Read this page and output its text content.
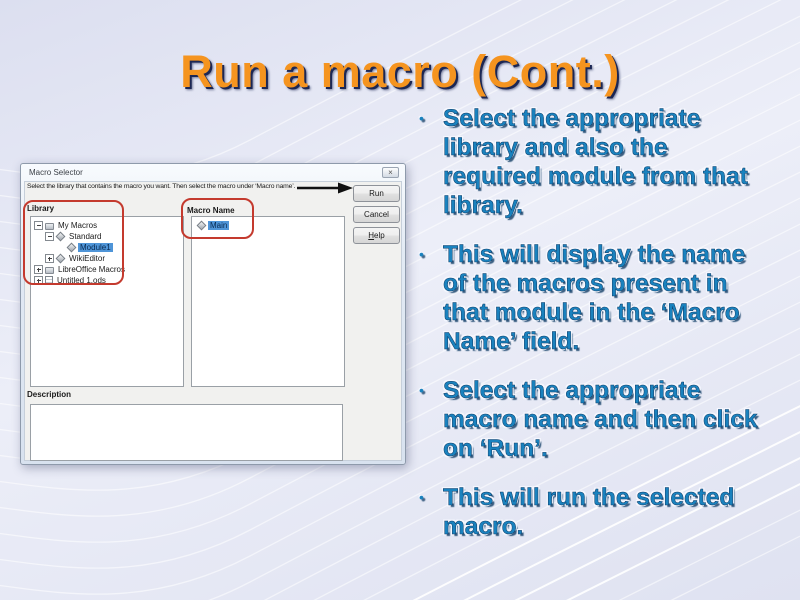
Run a macro (Cont.)
• Select the appropriate library and also the required module from that library.
• This will display the name of the macros present in that module in the ‘Macro Name’ field.
• Select the appropriate macro name and then click on ‘Run’.
• This will run the selected macro.
Macro Selector	×
Select the library that contains the macro you want. Then select the macro under ‘Macro name’.
Run
Cancel
Help
Library	Macro Name
Description
My Macros
Standard
Module1
WikiEditor
LibreOffice Macros
Untitled 1.ods
Main
